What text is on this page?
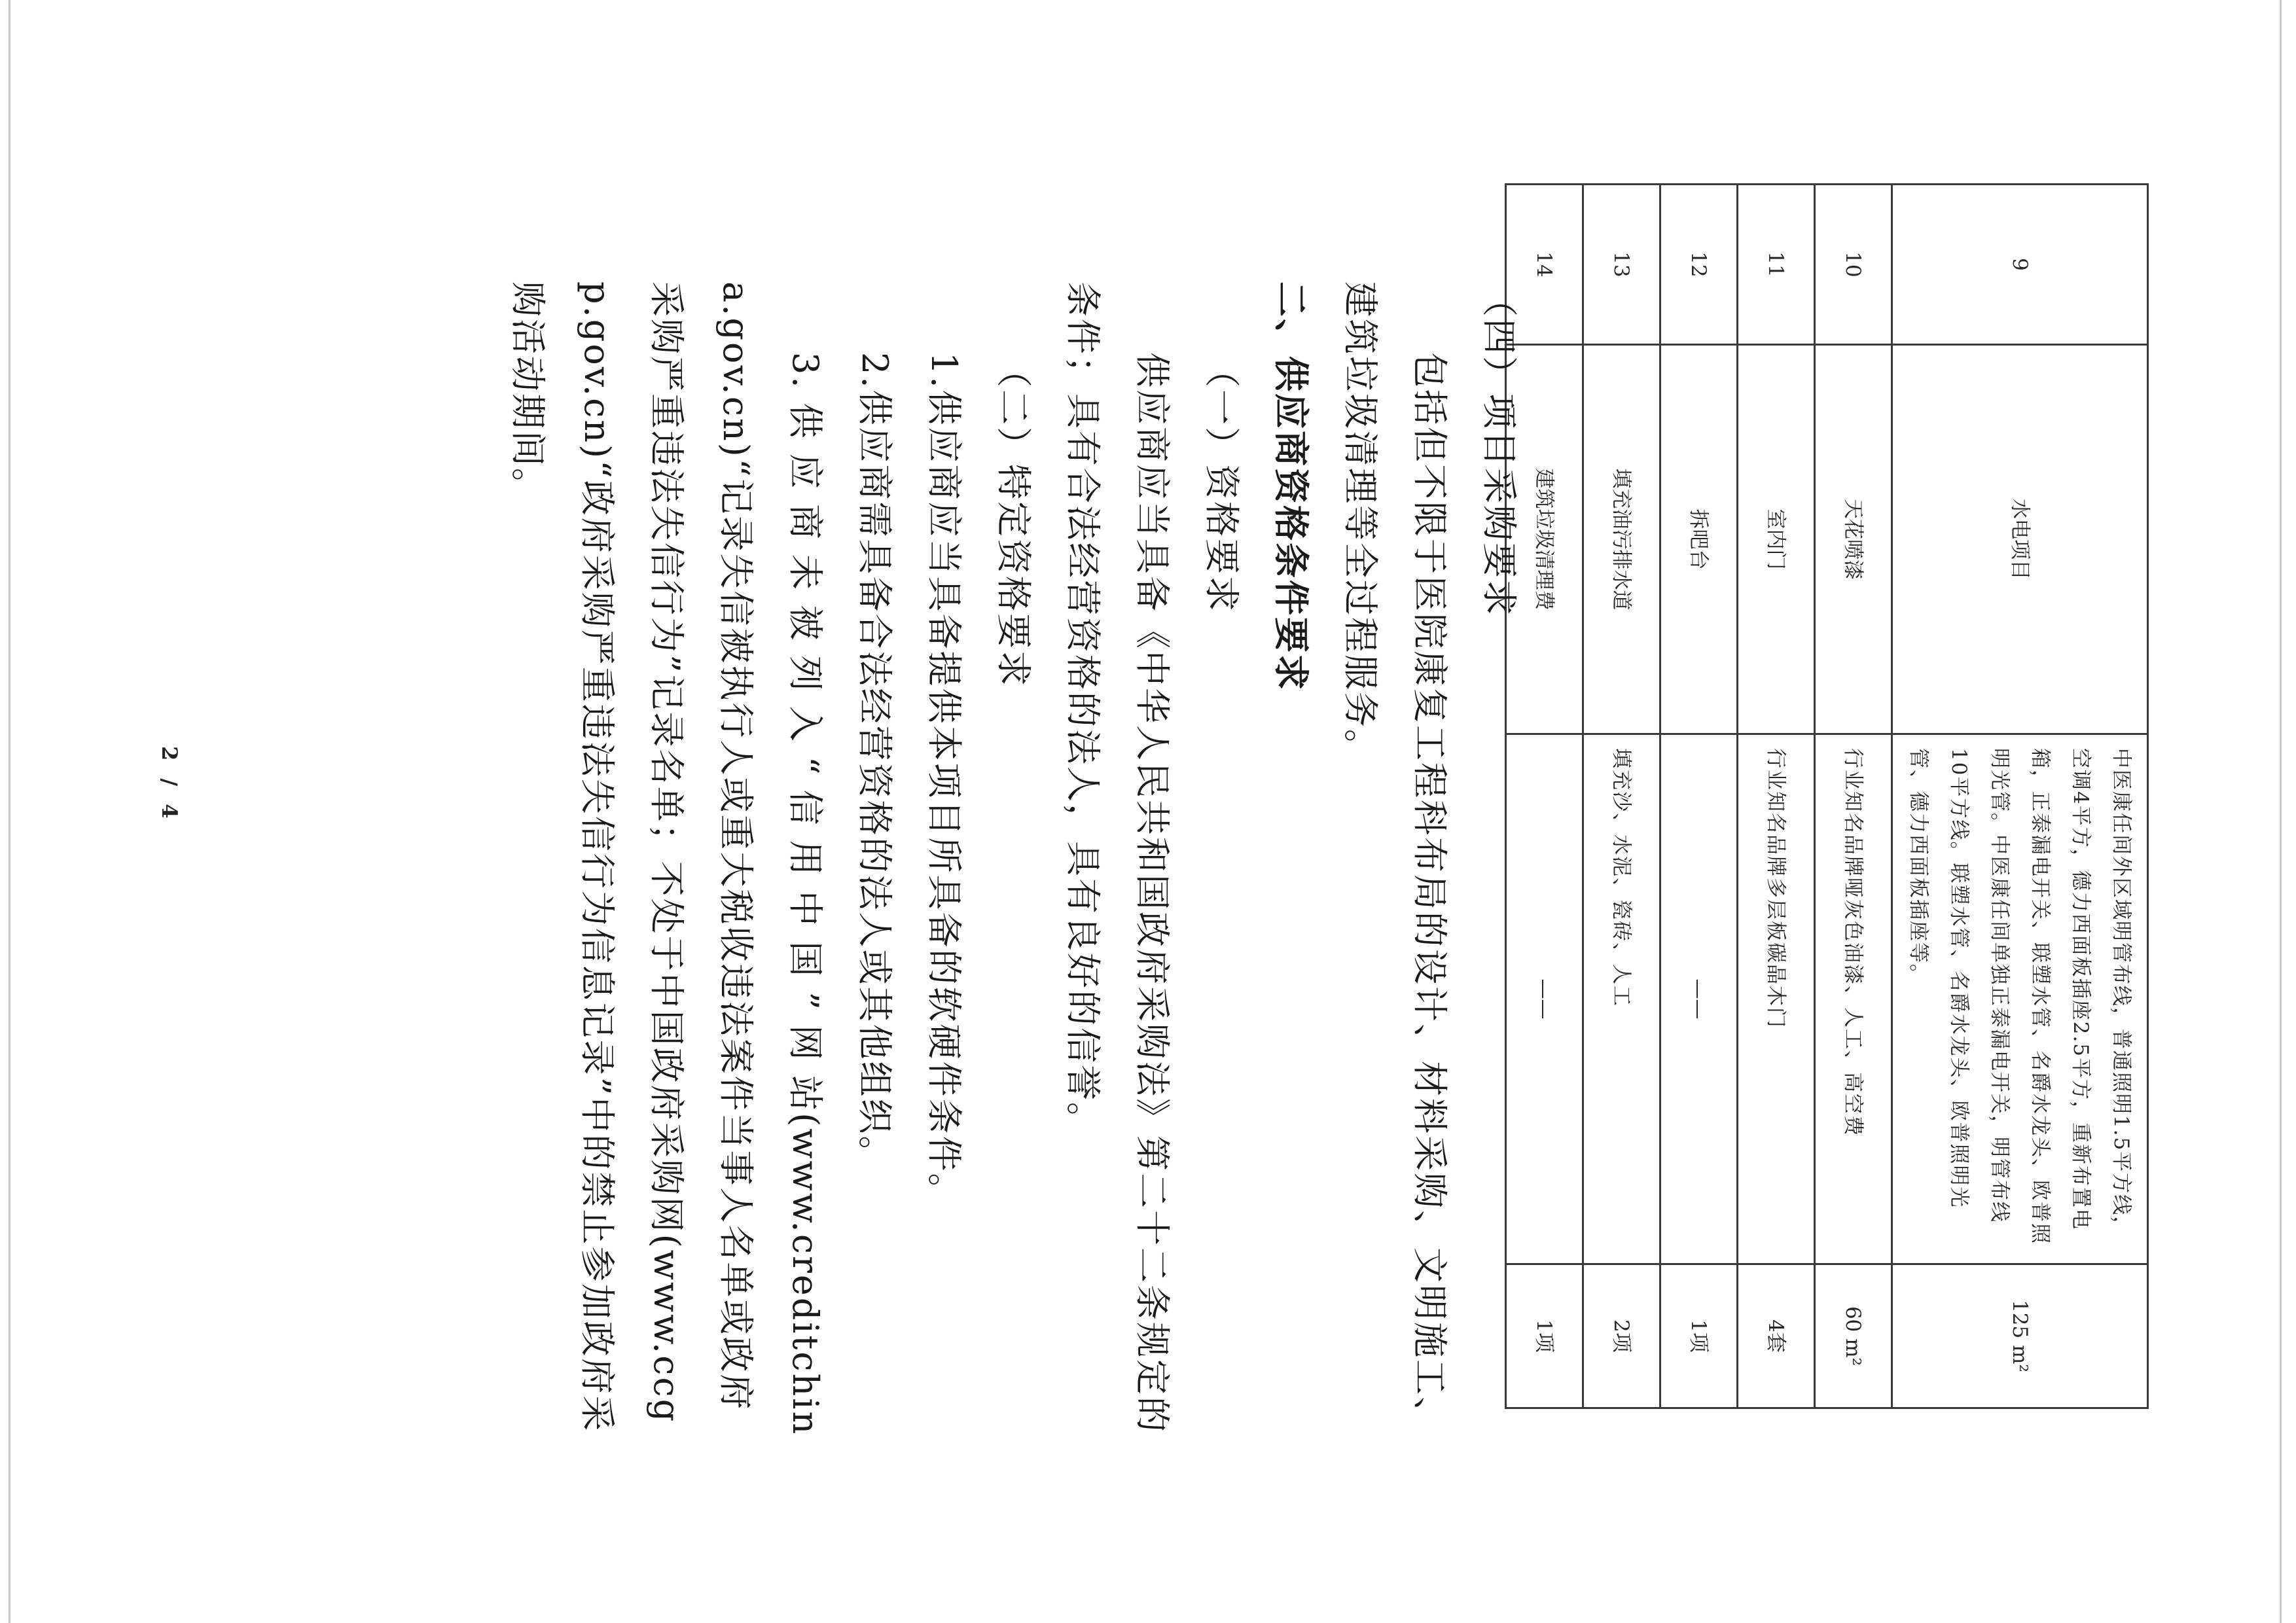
9	水电项目	中医康任间外区域明管布线，普通照明1.5平方线，空调4平方，德力西面板插座2.5平方，重新布置电箱，正泰漏电开关、联塑水管、名爵水龙头、欧普照明光管。中医康任间单独正泰漏电开关，明管布线10平方线。联塑水管、名爵水龙头、欧普照明光管、德力西面板插座等。	125 m²
10	天花喷漆	行业知名品牌哑灰色油漆、人工、高空费	60 m²
11	室内门	行业知名品牌多层板碳晶木门	4套
12	拆吧台	——	1项
13	填充油污排水道	填充沙、水泥、瓷砖、人工	2项
14	建筑垃圾清理费	——	1项

（四）项目采购要求

包括但不限于医院康复工程科布局的设计、材料采购、文明施工、建筑垃圾清理等全过程服务。

二、供应商资格条件要求

（一）资格要求

供应商应当具备《中华人民共和国政府采购法》第二十二条规定的条件；具有合法经营资格的法人，具有良好的信誉。

（二）特定资格要求

1.供应商应当具备提供本项目所具备的软硬件条件。

2.供应商需具备合法经营资格的法人或其他组织。

3. 供 应 商 未 被 列 入 “ 信 用 中 国 ” 网 站(www.creditchina.gov.cn)“记录失信被执行人或重大税收违法案件当事人名单或政府采购严重违法失信行为”记录名单；不处于中国政府采购网(www.ccgp.gov.cn)“政府采购严重违法失信行为信息记录”中的禁止参加政府采购活动期间。

2 / 4
